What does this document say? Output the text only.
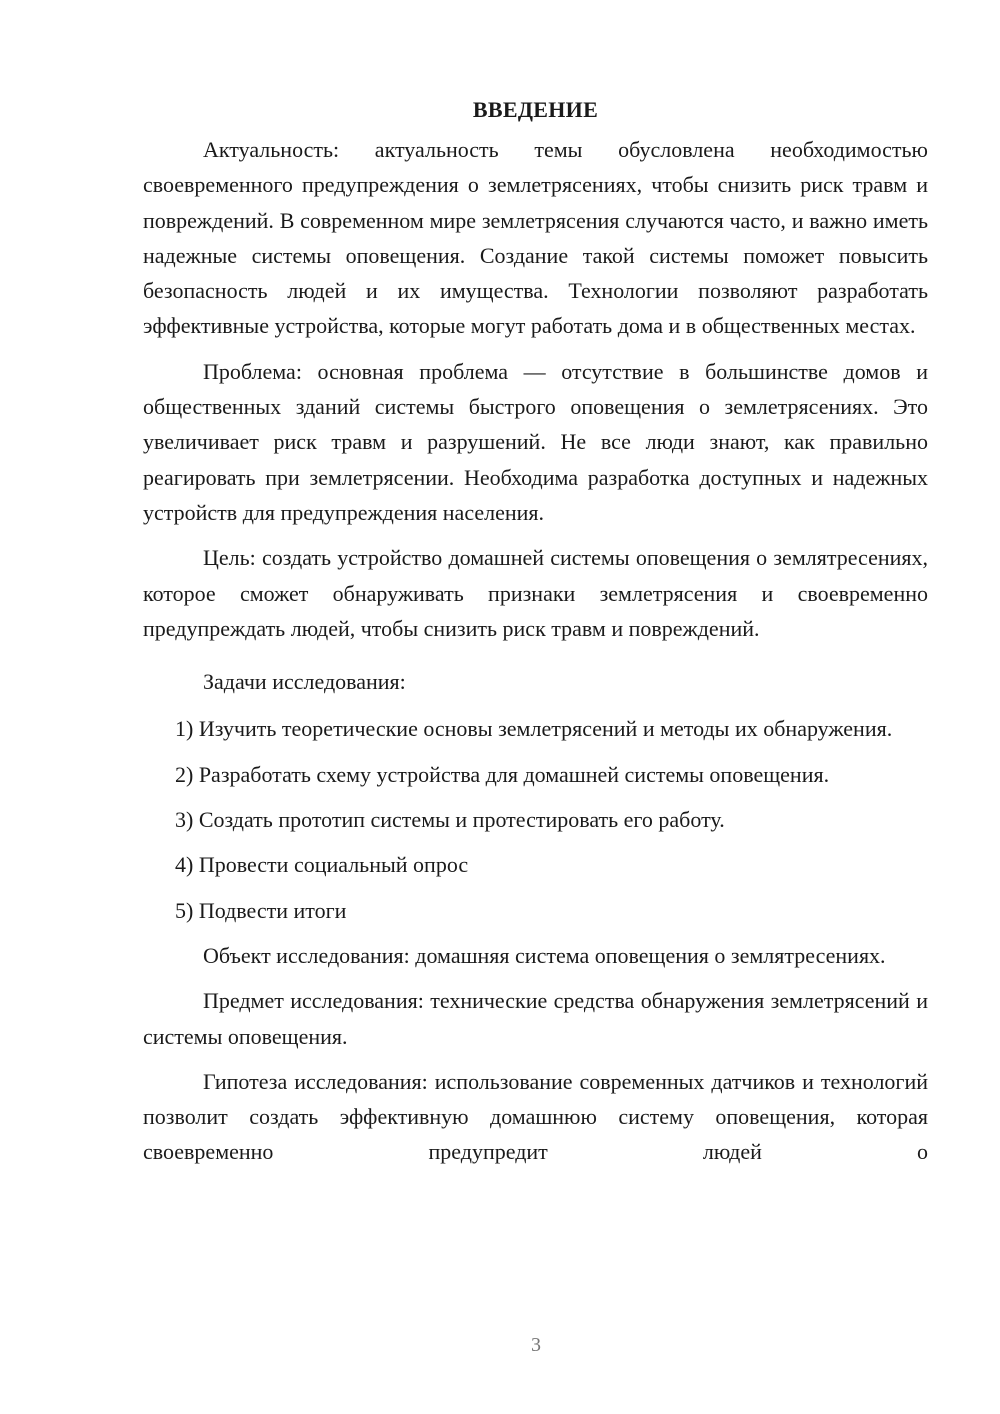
ВВЕДЕНИЕ

Актуальность: актуальность темы обусловлена необходимостью своевременного предупреждения о землетрясениях, чтобы снизить риск травм и повреждений. В современном мире землетрясения случаются часто, и важно иметь надежные системы оповещения. Создание такой системы поможет повысить безопасность людей и их имущества. Технологии позволяют разработать эффективные устройства, которые могут работать дома и в общественных местах.

Проблема: основная проблема — отсутствие в большинстве домов и общественных зданий системы быстрого оповещения о землетрясениях. Это увеличивает риск травм и разрушений. Не все люди знают, как правильно реагировать при землетрясении. Необходима разработка доступных и надежных устройств для предупреждения населения.

Цель: создать устройство домашней системы оповещения о землятресениях, которое сможет обнаруживать признаки землетрясения и своевременно предупреждать людей, чтобы снизить риск травм и повреждений.

Задачи исследования:

1) Изучить теоретические основы землетрясений и методы их обнаружения.

2) Разработать схему устройства для домашней системы оповещения.

3) Создать прототип системы и протестировать его работу.

4) Провести социальный опрос

5) Подвести итоги

Объект исследования: домашняя система оповещения о землятресениях.

Предмет исследования: технические средства обнаружения землетрясений и системы оповещения.

Гипотеза исследования: использование современных датчиков и технологий позволит создать эффективную домашнюю систему оповещения, которая своевременно предупредит людей о

3
